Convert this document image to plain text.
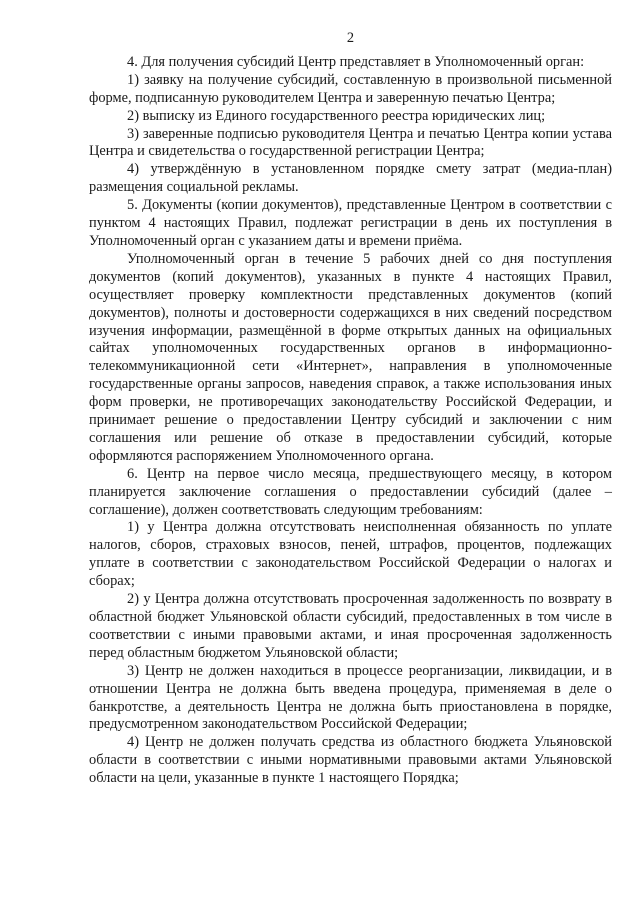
2

4. Для получения субсидий Центр представляет в Уполномоченный орган:

1) заявку на получение субсидий, составленную в произвольной письменной форме, подписанную руководителем Центра и заверенную печатью Центра;

2) выписку из Единого государственного реестра юридических лиц;

3) заверенные подписью руководителя Центра и печатью Центра копии устава Центра и свидетельства о государственной регистрации Центра;

4) утверждённую в установленном порядке смету затрат (медиа-план) размещения социальной рекламы.

5. Документы (копии документов), представленные Центром в соответствии с пунктом 4 настоящих Правил, подлежат регистрации в день их поступления в Уполномоченный орган с указанием даты и времени приёма.

Уполномоченный орган в течение 5 рабочих дней со дня поступления документов (копий документов), указанных в пункте 4 настоящих Правил, осуществляет проверку комплектности представленных документов (копий документов), полноты и достоверности содержащихся в них сведений посредством изучения информации, размещённой в форме открытых данных на официальных сайтах уполномоченных государственных органов в информационно-телекоммуникационной сети «Интернет», направления в уполномоченные государственные органы запросов, наведения справок, а также использования иных форм проверки, не противоречащих законодательству Российской Федерации, и принимает решение о предоставлении Центру субсидий и заключении с ним соглашения или решение об отказе в предоставлении субсидий, которые оформляются распоряжением Уполномоченного органа.

6. Центр на первое число месяца, предшествующего месяцу, в котором планируется заключение соглашения о предоставлении субсидий (далее – соглашение), должен соответствовать следующим требованиям:

1) у Центра должна отсутствовать неисполненная обязанность по уплате налогов, сборов, страховых взносов, пеней, штрафов, процентов, подлежащих уплате в соответствии с законодательством Российской Федерации о налогах и сборах;

2) у Центра должна отсутствовать просроченная задолженность по возврату в областной бюджет Ульяновской области субсидий, предоставленных в том числе в соответствии с иными правовыми актами, и иная просроченная задолженность перед областным бюджетом Ульяновской области;

3) Центр не должен находиться в процессе реорганизации, ликвидации, и в отношении Центра не должна быть введена процедура, применяемая в деле о банкротстве, а деятельность Центра не должна быть приостановлена в порядке, предусмотренном законодательством Российской Федерации;

4) Центр не должен получать средства из областного бюджета Ульяновской области в соответствии с иными нормативными правовыми актами Ульяновской области на цели, указанные в пункте 1 настоящего Порядка;
